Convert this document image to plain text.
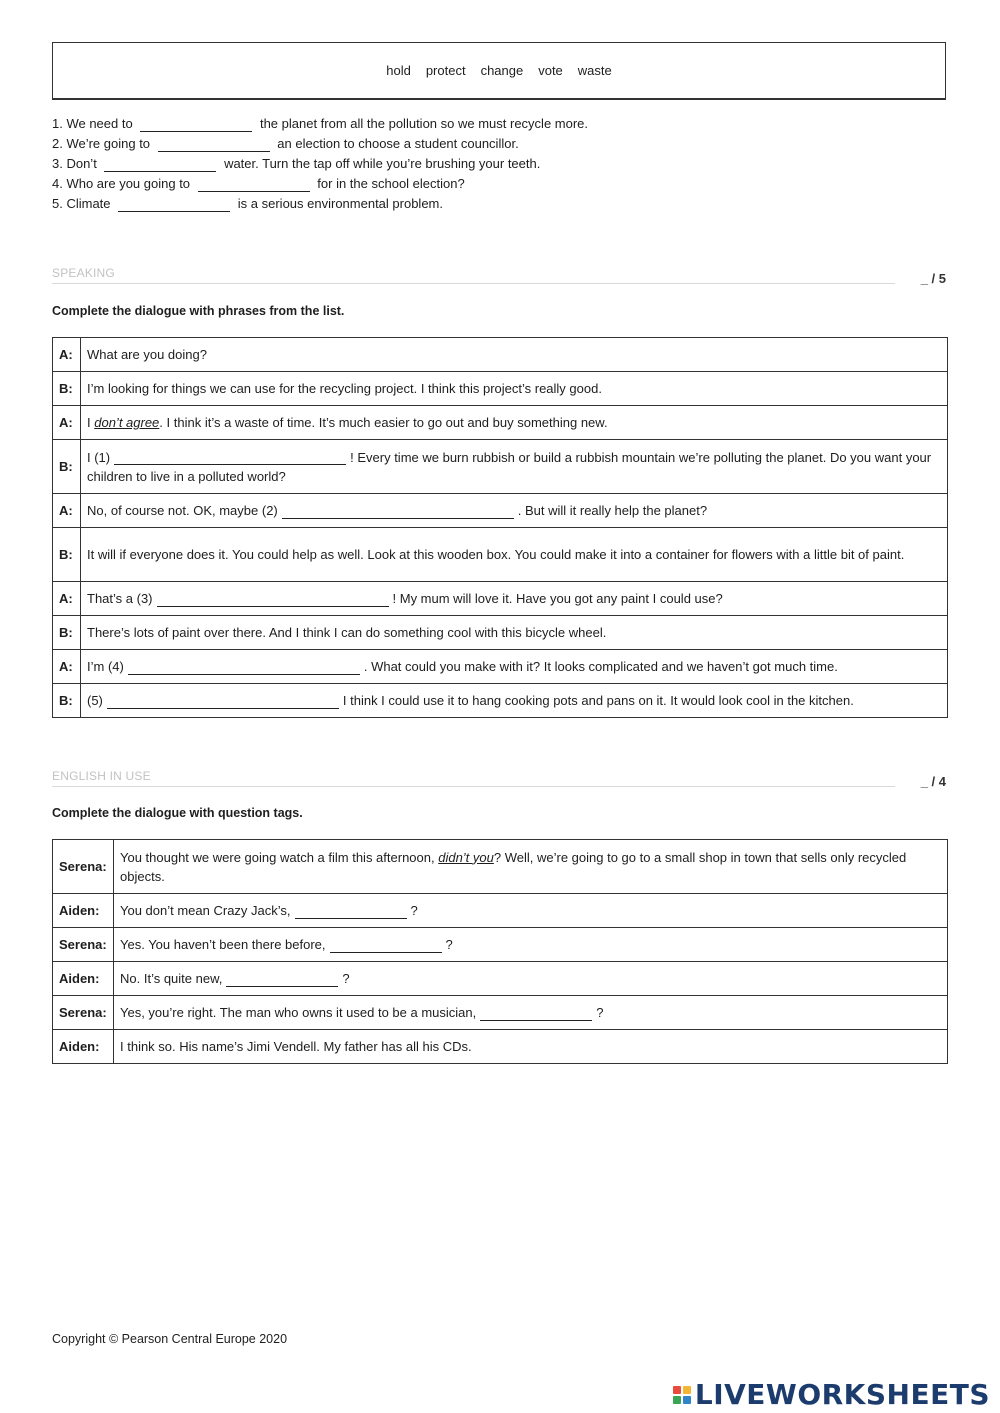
hold protect change vote waste
1. We need to	the planet from all the pollution so we must recycle more.
2. We’re going to	an election to choose a student councillor.
3. Don’t	water. Turn the tap off while you’re brushing your teeth.
4. Who are you going to	for in the school election?
5. Climate	is a serious environmental problem.
SPEAKING	_ / 5
Complete the dialogue with phrases from the list.
A:	What are you doing?
B:	I’m looking for things we can use for the recycling project. I think this project’s really good.
A:	I don’t agree. I think it’s a waste of time. It’s much easier to go out and buy something new.
B:	I (1) ! Every time we burn rubbish or build a rubbish mountain we’re polluting the planet. Do you want your children to live in a polluted world?
A:	No, of course not. OK, maybe (2) . But will it really help the planet?
B:	It will if everyone does it. You could help as well. Look at this wooden box. You could make it into a container for flowers with a little bit of paint.
A:	That’s a (3) ! My mum will love it. Have you got any paint I could use?
B:	There’s lots of paint over there. And I think I can do something cool with this bicycle wheel.
A:	I’m (4) . What could you make with it? It looks complicated and we haven’t got much time.
B:	(5) I think I could use it to hang cooking pots and pans on it. It would look cool in the kitchen.
ENGLISH IN USE	_ / 4
Complete the dialogue with question tags.
Serena:	You thought we were going watch a film this afternoon, didn’t you? Well, we’re going to go to a small shop in town that sells only recycled objects.
Aiden:	You don’t mean Crazy Jack’s, ?
Serena:	Yes. You haven’t been there before, ?
Aiden:	No. It’s quite new, ?
Serena:	Yes, you’re right. The man who owns it used to be a musician, ?
Aiden:	I think so. His name’s Jimi Vendell. My father has all his CDs.
Copyright © Pearson Central Europe 2020
LIVEWORKSHEETS
